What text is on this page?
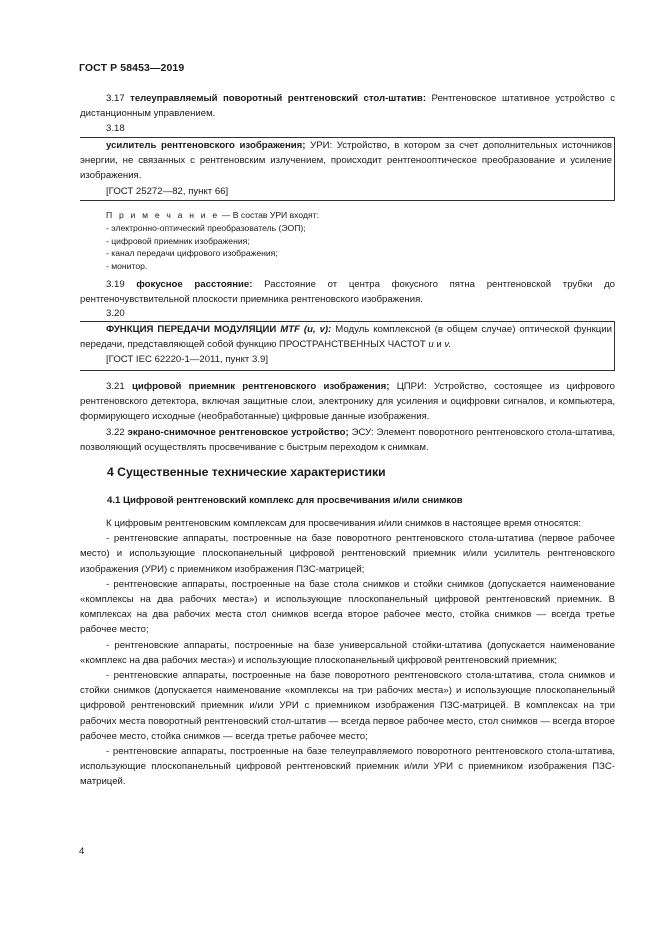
ГОСТ Р 58453—2019
3.17 телеуправляемый поворотный рентгеновский стол-штатив: Рентгеновское штативное устройство с дистанционным управлением.
3.18

усилитель рентгеновского изображения; УРИ: Устройство, в котором за счет дополнительных источников энергии, не связанных с рентгеновским излучением, происходит рентгенооптическое преобразование и усиление изображения.

[ГОСТ 25272—82, пункт 66]

П р и м е ч а н и е — В состав УРИ входят:

- электронно-оптический преобразователь (ЭОП);

- цифровой приемник изображения;

- канал передачи цифрового изображения;

- монитор.

3.19 фокусное расстояние: Расстояние от центра фокусного пятна рентгеновской трубки до рентгеночувствительной плоскости приемника рентгеновского изображения.
3.20

ФУНКЦИЯ ПЕРЕДАЧИ МОДУЛЯЦИИ MTF (u, v): Модуль комплексной (в общем случае) оптической функции передачи, представляющей собой функцию ПРОСТРАНСТВЕННЫХ ЧАСТОТ u и v.

[ГОСТ IEC 62220-1—2011, пункт 3.9]

3.21 цифровой приемник рентгеновского изображения; ЦПРИ: Устройство, состоящее из цифрового рентгеновского детектора, включая защитные слои, электронику для усиления и оцифровки сигналов, и компьютера, формирующего исходные (необработанные) цифровые данные изображения.
3.22 экрано-снимочное рентгеновское устройство; ЭСУ: Элемент поворотного рентгеновского стола-штатива, позволяющий осуществлять просвечивание с быстрым переходом к снимкам.
4 Существенные технические характеристики
4.1 Цифровой рентгеновский комплекс для просвечивания и/или снимков

К цифровым рентгеновским комплексам для просвечивания и/или снимков в настоящее время относятся:

- рентгеновские аппараты, построенные на базе поворотного рентгеновского стола-штатива (первое рабочее место) и использующие плоскопанельный цифровой рентгеновский приемник и/или усилитель рентгеновского изображения (УРИ) с приемником изображения ПЗС-матрицей;

- рентгеновские аппараты, построенные на базе стола снимков и стойки снимков (допускается наименование «комплексы на два рабочих места») и использующие плоскопанельный цифровой рентгеновский приемник. В комплексах на два рабочих места стол снимков всегда второе рабочее место, стойка снимков — всегда третье рабочее место;

- рентгеновские аппараты, построенные на базе универсальной стойки-штатива (допускается наименование «комплекс на два рабочих места») и использующие плоскопанельный цифровой рентгеновский приемник;

- рентгеновские аппараты, построенные на базе поворотного рентгеновского стола-штатива, стола снимков и стойки снимков (допускается наименование «комплексы на три рабочих места») и использующие плоскопанельный цифровой рентгеновский приемник и/или УРИ с приемником изображения ПЗС-матрицей. В комплексах на три рабочих места поворотный рентгеновский стол-штатив — всегда первое рабочее место, стол снимков — всегда второе рабочее место, стойка снимков — всегда третье рабочее место;

- рентгеновские аппараты, построенные на базе телеуправляемого поворотного рентгеновского стола-штатива, использующие плоскопанельный цифровой рентгеновский приемник и/или УРИ с приемником изображения ПЗС-матрицей.

4
